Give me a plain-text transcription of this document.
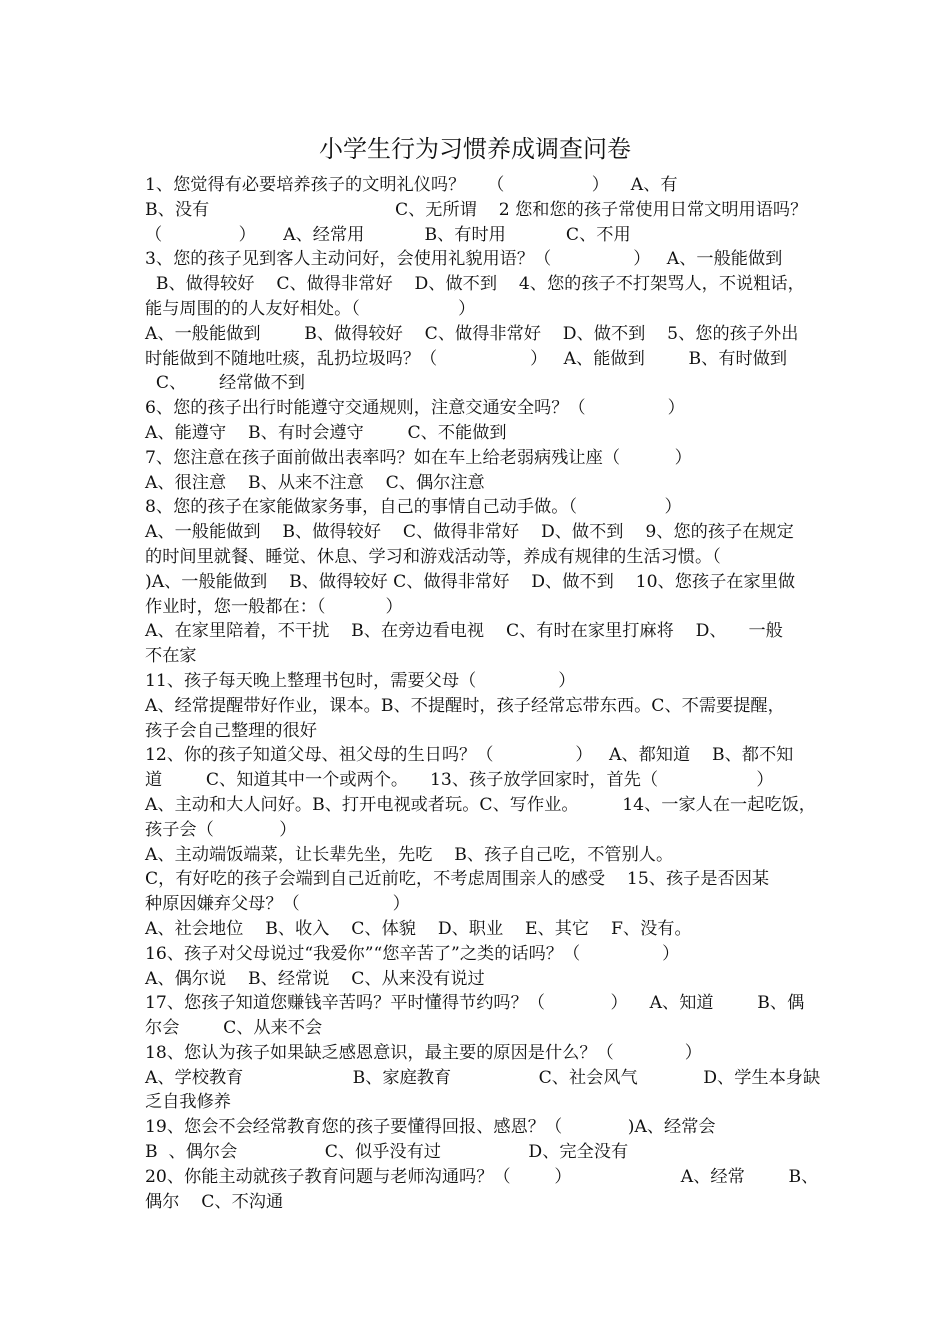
小学生行为习惯养成调查问卷
1、您觉得有必要培养孩子的文明礼仪吗？    （                ）    A、有
B、没有                                  C、无所谓    2 您和您的孩子常使用日常文明用语吗？
（              ）     A、经常用           B、有时用           C、不用
3、您的孩子见到客人主动问好，会使用礼貌用语？（               ）   A、一般能做到
B、做得较好    C、做得非常好    D、做不到    4、您的孩子不打架骂人，不说粗话，
能与周围的的人友好相处。（                  ）
A、一般能做到        B、做得较好    C、做得非常好    D、做不到    5、您的孩子外出
时能做到不随地吐痰，乱扔垃圾吗？（                 ）   A、能做到        B、有时做到
C、      经常做不到
6、您的孩子出行时能遵守交通规则，注意交通安全吗？（               ）
A、能遵守    B、有时会遵守        C、不能做到
7、您注意在孩子面前做出表率吗？如在车上给老弱病残让座（          ）
A、很注意    B、从来不注意    C、偶尔注意
8、您的孩子在家能做家务事，自己的事情自己动手做。（                ）
A、一般能做到    B、做得较好    C、做得非常好    D、做不到    9、您的孩子在规定
的时间里就餐、睡觉、休息、学习和游戏活动等，养成有规律的生活习惯。（
)A、一般能做到    B、做得较好 C、做得非常好    D、做不到    10、您孩子在家里做
作业时，您一般都在：（           ）
A、在家里陪着，不干扰    B、在旁边看电视    C、有时在家里打麻将    D、    一般
不在家
11、孩子每天晚上整理书包时，需要父母（               ）
A、经常提醒带好作业，课本。B、不提醒时，孩子经常忘带东西。C、不需要提醒，
孩子会自己整理的很好
12、你的孩子知道父母、祖父母的生日吗？（               ）   A、都知道    B、都不知
道        C、知道其中一个或两个。    13、孩子放学回家时，首先（                  ）
A、主动和大人问好。B、打开电视或者玩。C、写作业。        14、一家人在一起吃饭，
孩子会（            ）
A、主动端饭端菜，让长辈先坐，先吃    B、孩子自己吃，不管别人。
C，有好吃的孩子会端到自己近前吃，不考虑周围亲人的感受    15、孩子是否因某
种原因嫌弃父母？（                 ）
A、社会地位    B、收入    C、体貌    D、职业    E、其它    F、没有。
16、孩子对父母说过“我爱你”“您辛苦了”之类的话吗？（               ）
A、偶尔说    B、经常说    C、从来没有说过
17、您孩子知道您赚钱辛苦吗？平时懂得节约吗？（            ）    A、知道        B、偶
尔会        C、从来不会
18、您认为孩子如果缺乏感恩意识，最主要的原因是什么？（             ）
A、学校教育                    B、家庭教育                C、社会风气            D、学生本身缺
乏自我修养
19、您会不会经常教育您的孩子要懂得回报、感恩？（            )A、经常会
B  、偶尔会                C、似乎没有过                D、完全没有
20、你能主动就孩子教育问题与老师沟通吗？（        ）                    A、经常        B、
偶尔    C、不沟通
